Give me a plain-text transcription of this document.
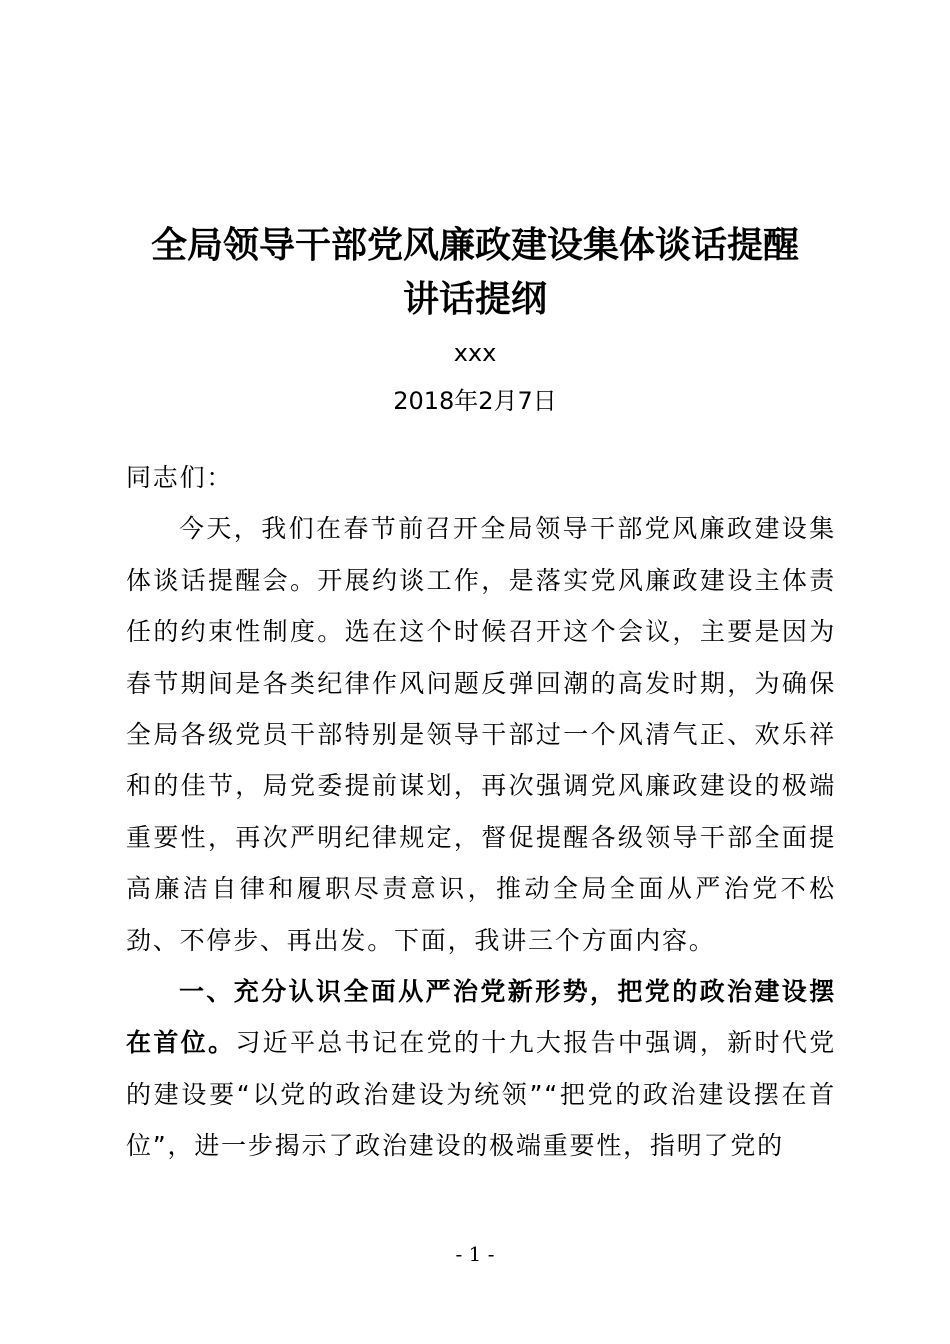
全局领导干部党风廉政建设集体谈话提醒
讲话提纲
xxx
2018年2月7日

同志们：

今天，我们在春节前召开全局领导干部党风廉政建设集体谈话提醒会。开展约谈工作，是落实党风廉政建设主体责任的约束性制度。选在这个时候召开这个会议，主要是因为春节期间是各类纪律作风问题反弹回潮的高发时期，为确保全局各级党员干部特别是领导干部过一个风清气正、欢乐祥和的佳节，局党委提前谋划，再次强调党风廉政建设的极端重要性，再次严明纪律规定，督促提醒各级领导干部全面提高廉洁自律和履职尽责意识，推动全局全面从严治党不松劲、不停步、再出发。下面，我讲三个方面内容。

一、充分认识全面从严治党新形势，把党的政治建设摆在首位。习近平总书记在党的十九大报告中强调，新时代党的建设要“以党的政治建设为统领”“把党的政治建设摆在首位”，进一步揭示了政治建设的极端重要性，指明了党的

- 1 -
